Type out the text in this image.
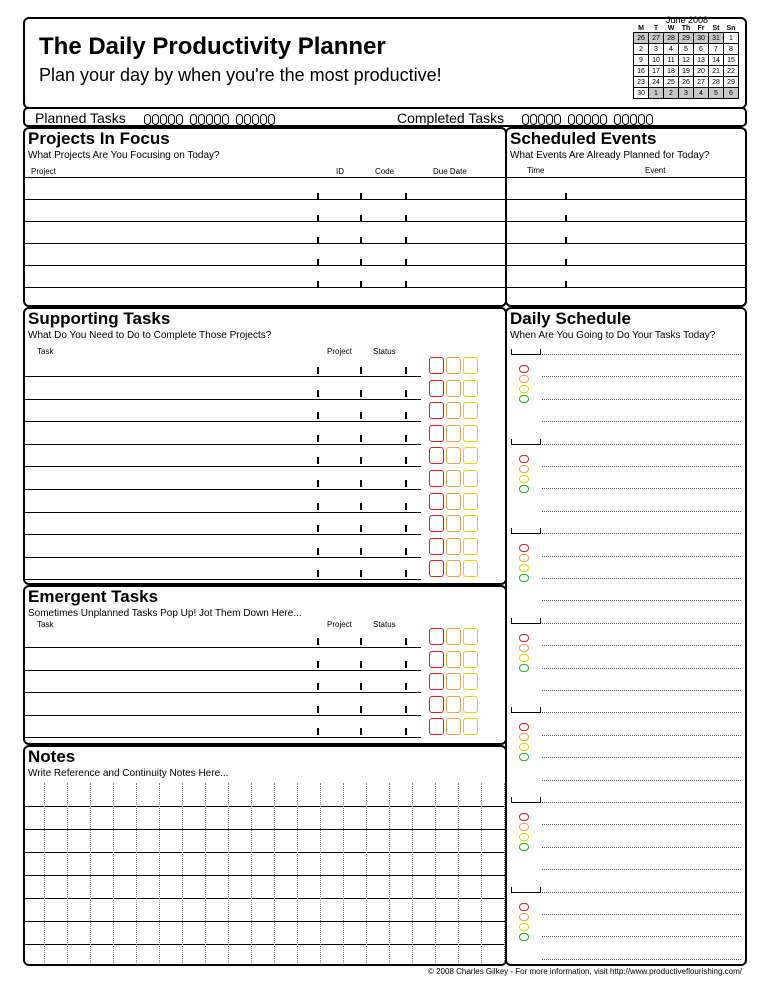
The Daily Productivity Planner
Plan your day by when you're the most productive!
June 2008
M	T	W	Th	Fr	St	Sn
26	27	28	29	30	31	1
2	3	4	5	6	7	8
9	10	11	12	13	14	15
16	17	18	19	20	21	22
23	24	25	26	27	28	29
30	1	2	3	4	5	6
Planned Tasks	Completed Tasks
Projects In Focus
What Projects Are You Focusing on Today?
Project	ID	Code	Due Date
Scheduled Events
What Events Are Already Planned for Today?
Time	Event
Supporting Tasks
What Do You Need to Do to Complete Those Projects?
Task	Project	Status
Daily Schedule
When Are You Going to Do Your Tasks Today?
Emergent Tasks
Sometimes Unplanned Tasks Pop Up! Jot Them Down Here...
Task	Project	Status
Notes
Write Reference and Continuity Notes Here...
© 2008 Charles Gilkey - For more information, visit http://www.productiveflourishing.com/
